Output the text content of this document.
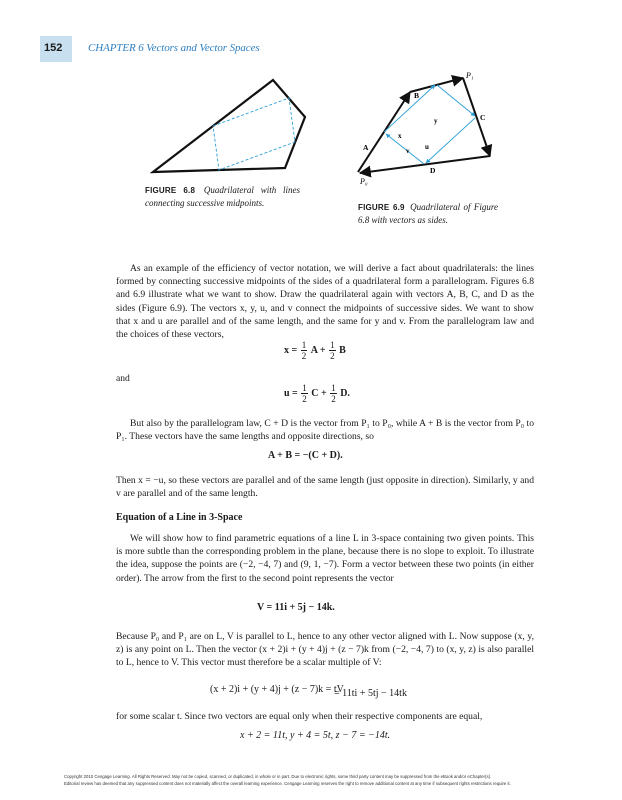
152 CHAPTER 6 Vectors and Vector Spaces
FIGURE 6.8 Quadrilateral with lines connecting successive midpoints.
P₁
P₀
A
B
C
D
x
y
u
v
FIGURE 6.9 Quadrilateral of Figure 6.8 with vectors as sides.

As an example of the efficiency of vector notation, we will derive a fact about quadrilaterals: the lines formed by connecting successive midpoints of the sides of a quadrilateral form a parallelogram. Figures 6.8 and 6.9 illustrate what we want to show. Draw the quadrilateral again with vectors A, B, C, and D as the sides (Figure 6.9). The vectors x, y, u, and v connect the midpoints of successive sides. We want to show that x and u are parallel and of the same length, and the same for y and v. From the parallelogram law and the choices of these vectors,

$x = \frac{1}{2}$ $A + \frac{1}{2}$ B

and

$u = \frac{1}{2}$ $C + \frac{1}{2} D$.

But also by the parallelogram law, C + D is the vector from P₁ to P₀, while A + B is the vector from P₀ to P₁. These vectors have the same lengths and opposite directions, so

A + B = −(C + D).

Then x = −u, so these vectors are parallel and of the same length (just opposite in direction). Similarly, y and v are parallel and of the same length.

Equation of a Line in 3-Space

We will show how to find parametric equations of a line L in 3-space containing two given points. This is more subtle than the corresponding problem in the plane, because there is no slope to exploit. To illustrate the idea, suppose the points are (−2, −4, 7) and (9, 1, −7). Form a vector between these two points (in either order). The arrow from the first to the second point represents the vector

V = 11i + 5j − 14k.

Because P₀ and P₁ are on L, V is parallel to L, hence to any other vector aligned with L. Now suppose (x, y, z) is any point on L. Then the vector (x + 2)i + (y + 4)j + (z − 7)k from (−2, −4, 7) to (x, y, z) is also parallel to L, hence to V. This vector must therefore be a scalar multiple of V:

(x + 2)i + (y + 4)j + (z − 7)k = tV
= 11ti + 5tj − 14tk

for some scalar t. Since two vectors are equal only when their respective components are equal,

x + 2 = 11t, y + 4 = 5t, z − 7 = −14t.
Copyright 2010 Cengage Learning. All Rights Reserved. May not be copied, scanned, or duplicated, in whole or in part. Due to electronic rights, some third party content may be suppressed from the eBook and/or eChapter(s).
Editorial review has deemed that any suppressed content does not materially affect the overall learning experience. Cengage Learning reserves the right to remove additional content at any time if subsequent rights restrictions require it.
